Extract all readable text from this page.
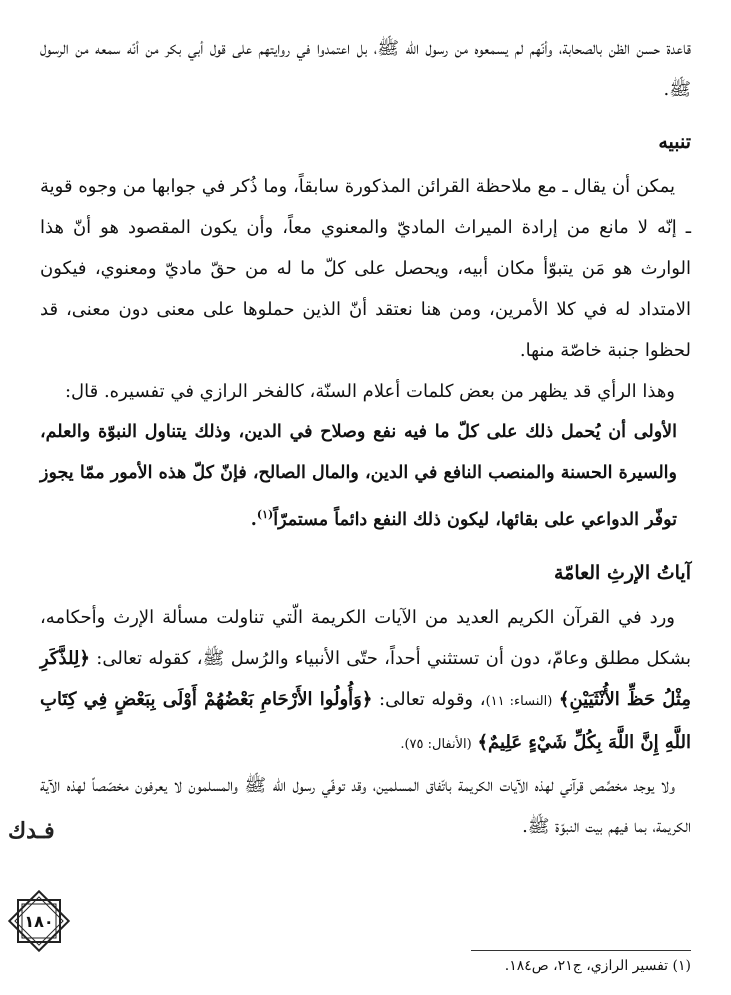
قاعدة حسن الظن بالصحابة، وأنّهم لم يسمعوه من رسول الله ﷺ، بل اعتمدوا في روايتهم على قول أبي بكر من أنّه سمعه من الرسول ﷺ.

تنبيه

يمكن أن يقال ـ مع ملاحظة القرائن المذكورة سابقاً، وما ذُكر في جوابها من وجوه قوية ـ إنّه لا مانع من إرادة الميراث الماديّ والمعنوي معاً، وأن يكون المقصود هو أنّ هذا الوارث هو مَن يتبوّأ مكان أبيه، ويحصل على كلّ ما له من حقّ ماديّ ومعنوي، فيكون الامتداد له في كلا الأمرين، ومن هنا نعتقد أنّ الذين حملوها على معنى دون معنى، قد لحظوا جنبة خاصّة منها.

وهذا الرأي قد يظهر من بعض كلمات أعلام السنّة، كالفخر الرازي في تفسيره. قال:

الأولى أن يُحمل ذلك على كلّ ما فيه نفع وصلاح في الدين، وذلك يتناول النبوّة والعلم، والسيرة الحسنة والمنصب النافع في الدين، والمال الصالح، فإنّ كلّ هذه الأمور ممّا يجوز توفّر الدواعي على بقائها، ليكون ذلك النفع دائماً مستمرّاً$^{(١)}$.

آياتُ الإرثِ العامّة

ورد في القرآن الكريم العديد من الآيات الكريمة الّتي تناولت مسألة الإرث وأحكامه، بشكل مطلق وعامّ، دون أن تستثني أحداً، حتّى الأنبياء والرُسل ﷺ، كقوله تعالى: ﴿لِلذَّكَرِ مِثْلُ حَظِّ الأُنْثَيَيْنِ﴾ (النساء: ١١)، وقوله تعالى: ﴿وَأُولُوا الأَرْحَامِ بَعْضُهُمْ أَوْلَى بِبَعْضٍ فِي كِتَابِ اللَّهِ إِنَّ اللَّهَ بِكُلِّ شَيْءٍ عَلِيمٌ﴾ (الأنفال: ٧٥).

ولا يوجد مخصِّص قرآني لهذه الآيات الكريمة باتّفاق المسلمين، وقد توفّي رسول الله ﷺ والمسلمون لا يعرفون مخصّصاً لهذه الآية الكريمة، بما فيهم بيت النبوّة ﷺ.

ﻓـﺪك
١٨٠
(١) تفسير الرازي، ج٢١، ص١٨٤.
